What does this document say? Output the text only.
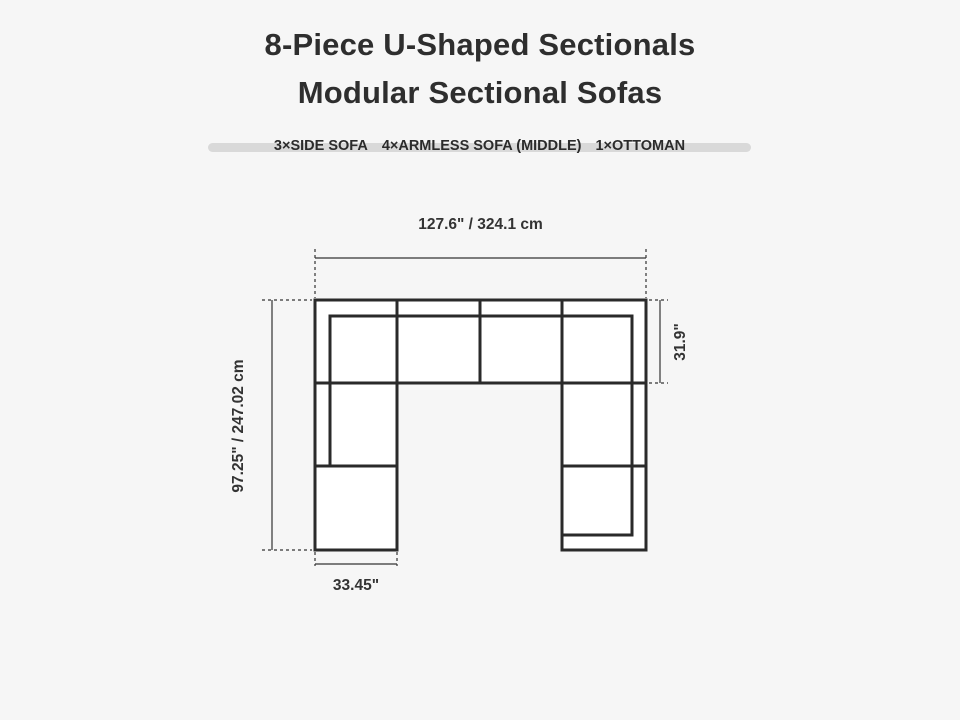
8-Piece U-Shaped Sectionals
Modular Sectional Sofas
3×SIDE SOFA 4×ARMLESS SOFA (MIDDLE) 1×OTTOMAN
127.6" / 324.1 cm
97.25" / 247.02 cm
31.9"
33.45"
